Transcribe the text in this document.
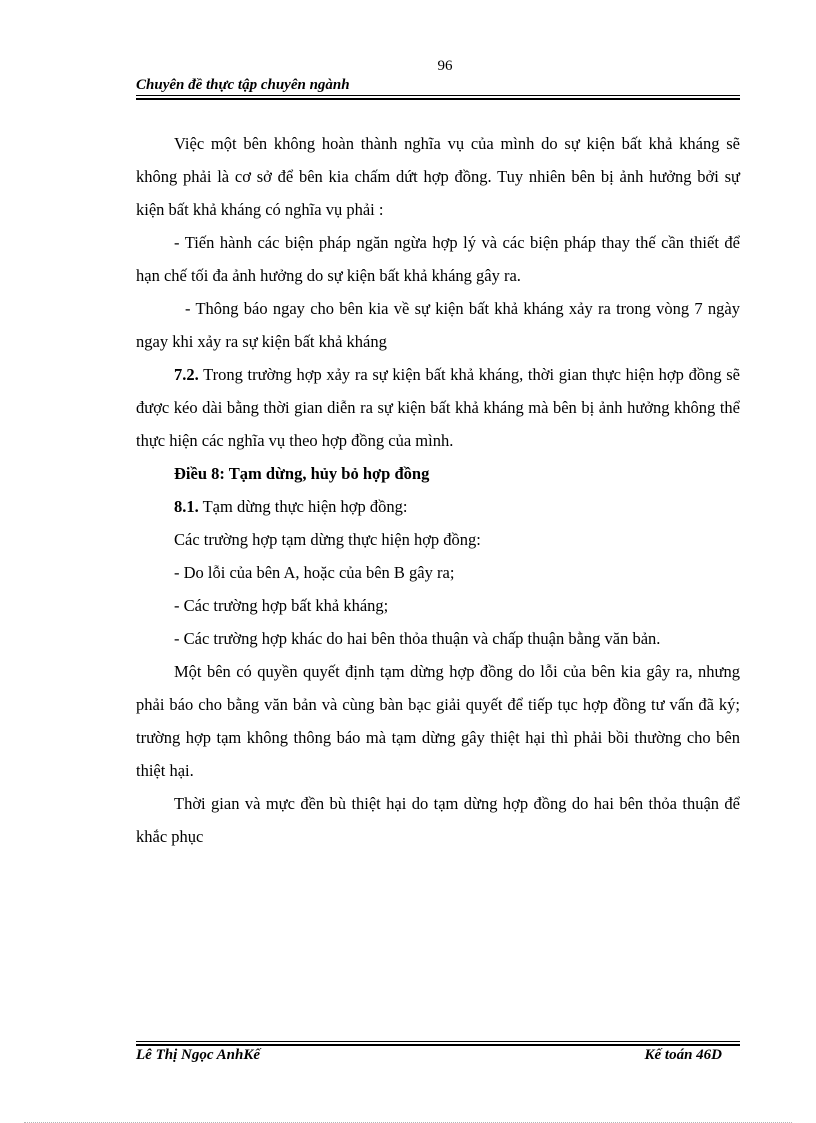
96
Chuyên đề thực tập chuyên ngành

Việc một bên không hoàn thành nghĩa vụ của mình do sự kiện bất khả kháng sẽ không phải là cơ sở để bên kia chấm dứt hợp đồng. Tuy nhiên bên bị ảnh hưởng bởi sự kiện bất khả kháng có nghĩa vụ phải :

- Tiến hành các biện pháp ngăn ngừa hợp lý và các biện pháp thay thế cần thiết để hạn chế tối đa ảnh hưởng do sự kiện bất khả kháng gây ra.

- Thông báo ngay cho bên kia về sự kiện bất khả kháng xảy ra trong vòng 7 ngày ngay khi xảy ra sự kiện bất khả kháng

7.2. Trong trường hợp xảy ra sự kiện bất khả kháng, thời gian thực hiện hợp đồng sẽ được kéo dài bằng thời gian diễn ra sự kiện bất khả kháng mà bên bị ảnh hưởng không thể thực hiện các nghĩa vụ theo hợp đồng của mình.

Điều 8: Tạm dừng, hủy bỏ hợp đồng

8.1. Tạm dừng thực hiện hợp đồng:

Các trường hợp tạm dừng thực hiện hợp đồng:

- Do lỗi của bên A, hoặc của bên B gây ra;

- Các trường hợp bất khả kháng;

- Các trường hợp khác do hai bên thỏa thuận và chấp thuận bằng văn bản.

Một bên có quyền quyết định tạm dừng hợp đồng do lỗi của bên kia gây ra, nhưng phải báo cho bằng văn bản và cùng bàn bạc giải quyết để tiếp tục hợp đồng tư vấn đã ký; trường hợp tạm không thông báo mà tạm dừng gây thiệt hại thì phải bồi thường cho bên thiệt hại.

Thời gian và mực đền bù thiệt hại do tạm dừng hợp đồng do hai bên thỏa thuận để khắc phục

Lê Thị Ngọc AnhKế	Kế toán 46D
